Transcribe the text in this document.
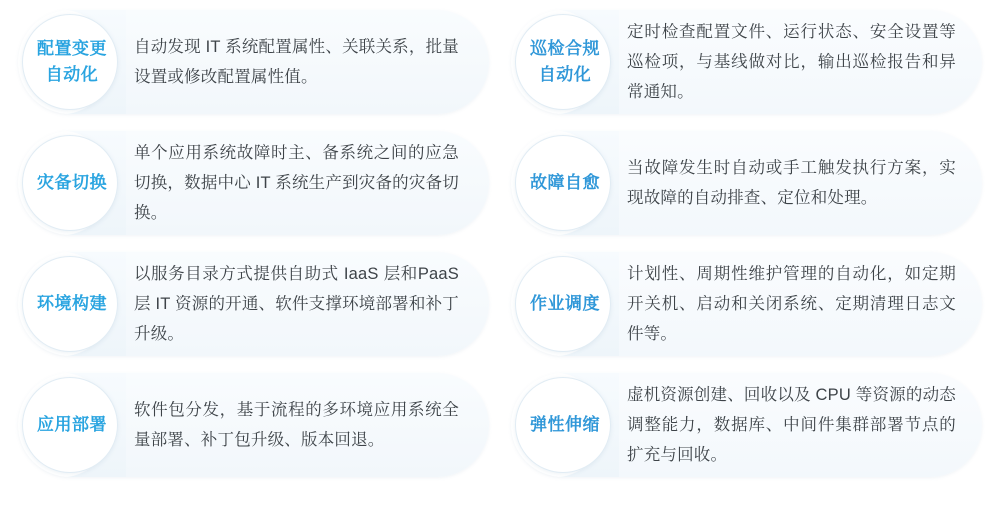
配置变更
自动化
自动发现 IT 系统配置属性、关联关系，批量设置或修改配置属性值。
灾备切换
单个应用系统故障时主、备系统之间的应急切换，数据中心 IT 系统生产到灾备的灾备切换。
环境构建
以服务目录方式提供自助式 IaaS 层和PaaS 层 IT 资源的开通、软件支撑环境部署和补丁升级。
应用部署
软件包分发，基于流程的多环境应用系统全量部署、补丁包升级、版本回退。
巡检合规
自动化
定时检查配置文件、运行状态、安全设置等巡检项，与基线做对比，输出巡检报告和异常通知。
故障自愈
当故障发生时自动或手工触发执行方案，实现故障的自动排查、定位和处理。
作业调度
计划性、周期性维护管理的自动化，如定期开关机、启动和关闭系统、定期清理日志文件等。
弹性伸缩
虚机资源创建、回收以及 CPU 等资源的动态调整能力，数据库、中间件集群部署节点的扩充与回收。
